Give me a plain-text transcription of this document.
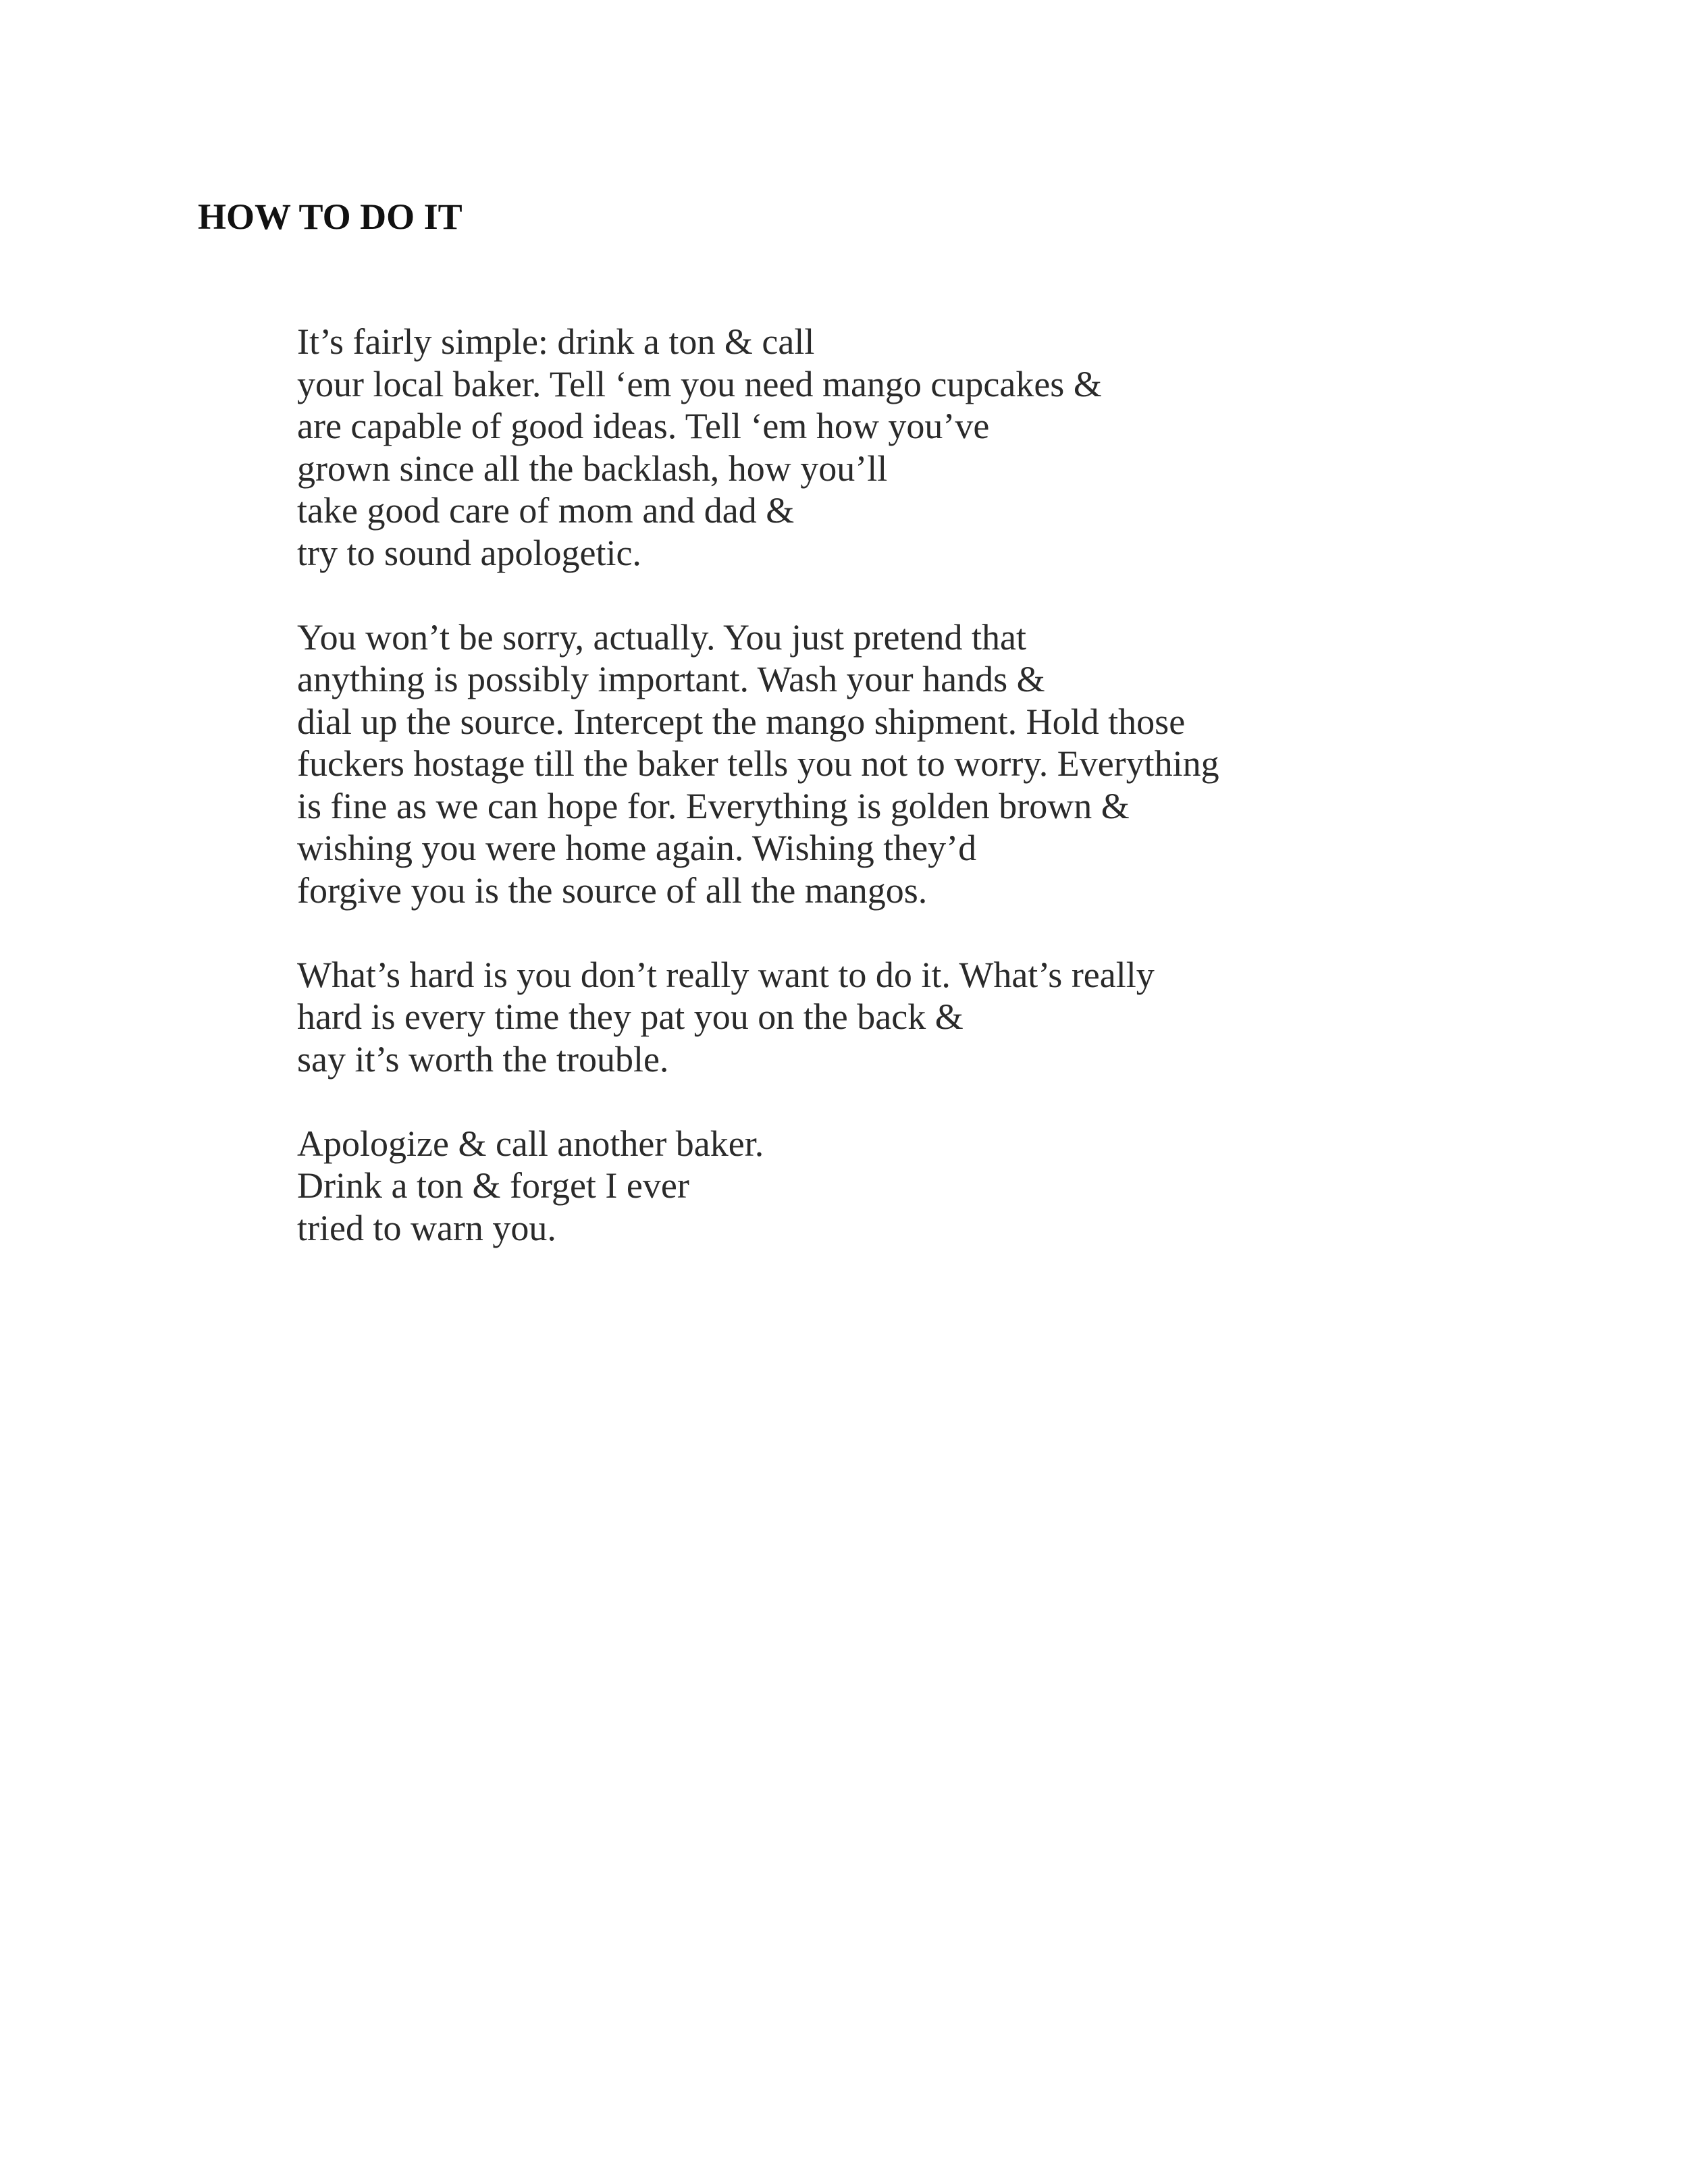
HOW TO DO IT
It’s fairly simple: drink a ton & call
your local baker. Tell ‘em you need mango cupcakes &
are capable of good ideas. Tell ‘em how you’ve
grown since all the backlash, how you’ll
take good care of mom and dad &
try to sound apologetic.
You won’t be sorry, actually. You just pretend that
anything is possibly important. Wash your hands &
dial up the source. Intercept the mango shipment. Hold those
fuckers hostage till the baker tells you not to worry. Everything
is fine as we can hope for. Everything is golden brown &
wishing you were home again. Wishing they’d
forgive you is the source of all the mangos.
What’s hard is you don’t really want to do it. What’s really
hard is every time they pat you on the back &
say it’s worth the trouble.
Apologize & call another baker.
Drink a ton & forget I ever
tried to warn you.
